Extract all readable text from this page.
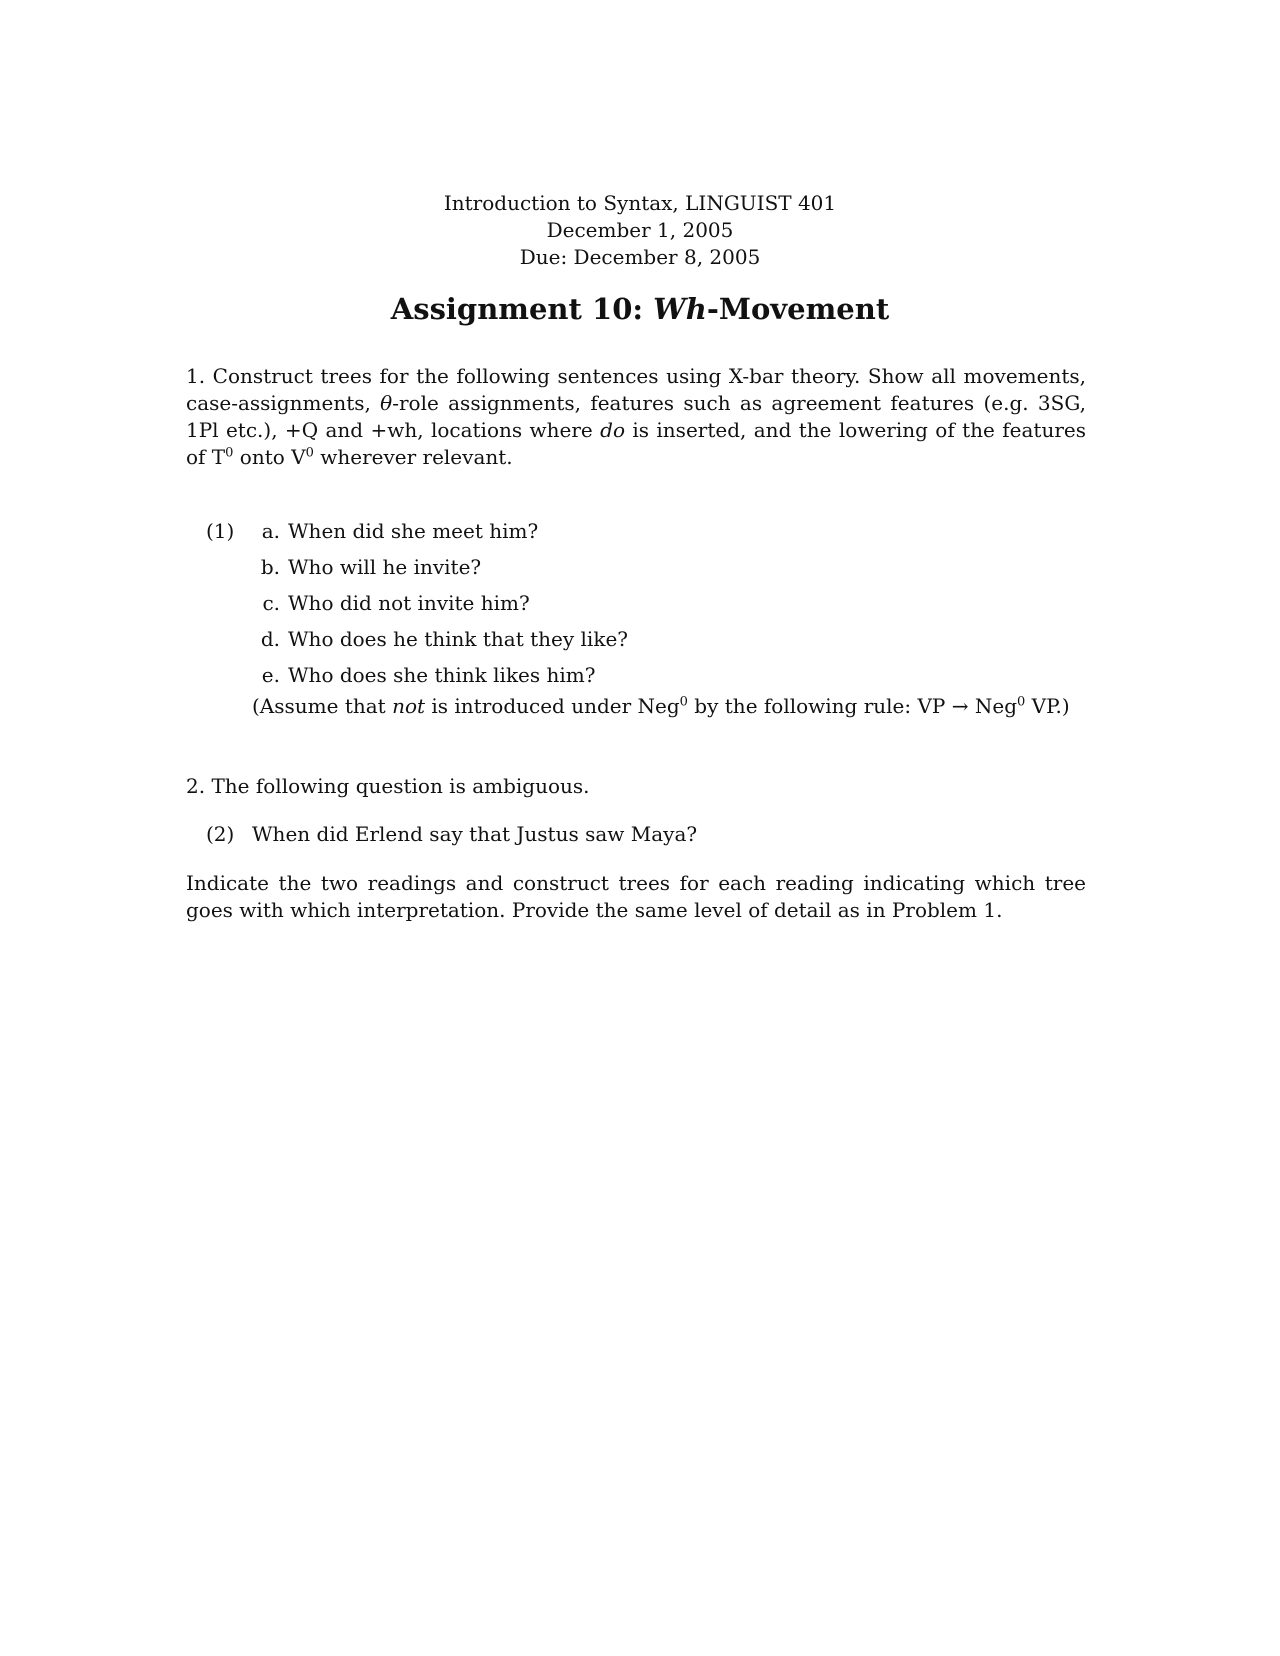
Introduction to Syntax, LINGUIST 401
December 1, 2005
Due: December 8, 2005
Assignment 10: Wh-Movement
1. Construct trees for the following sentences using X-bar theory. Show all movements, case-assignments, θ-role assignments, features such as agreement features (e.g. 3SG, 1Pl etc.), +Q and +wh, locations where do is inserted, and the lowering of the features of $T^0$ onto $V^0$ wherever relevant.
(1)	a. When did she meet him?
b. Who will he invite?
c. Who did not invite him?
d. Who does he think that they like?
e. Who does she think likes him?
(Assume that not is introduced under Neg$^0$ by the following rule: VP → Neg$^0$ VP.)
2. The following question is ambiguous.
(2) When did Erlend say that Justus saw Maya?
Indicate the two readings and construct trees for each reading indicating which tree goes with which interpretation. Provide the same level of detail as in Problem 1.
